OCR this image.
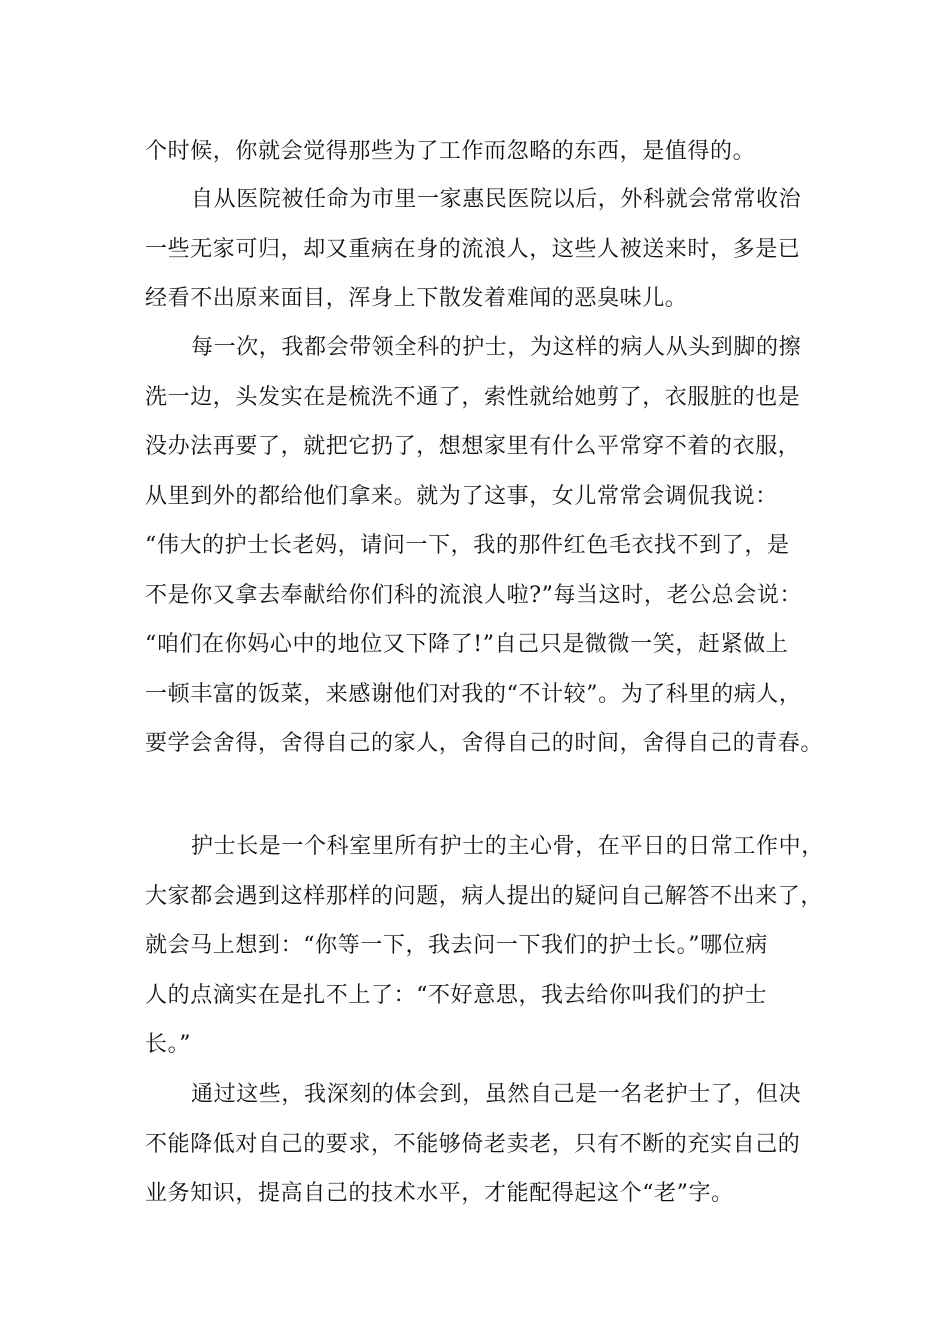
个时候，你就会觉得那些为了工作而忽略的东西，是值得的。
自从医院被任命为市里一家惠民医院以后，外科就会常常收治
一些无家可归，却又重病在身的流浪人，这些人被送来时，多是已
经看不出原来面目，浑身上下散发着难闻的恶臭味儿。
每一次，我都会带领全科的护士，为这样的病人从头到脚的擦
洗一边，头发实在是梳洗不通了，索性就给她剪了，衣服脏的也是
没办法再要了，就把它扔了，想想家里有什么平常穿不着的衣服，
从里到外的都给他们拿来。就为了这事，女儿常常会调侃我说：
“伟大的护士长老妈，请问一下，我的那件红色毛衣找不到了，是
不是你又拿去奉献给你们科的流浪人啦?”每当这时，老公总会说：
“咱们在你妈心中的地位又下降了!”自己只是微微一笑，赶紧做上
一顿丰富的饭菜，来感谢他们对我的“不计较”。为了科里的病人，
要学会舍得，舍得自己的家人，舍得自己的时间，舍得自己的青春。
护士长是一个科室里所有护士的主心骨，在平日的日常工作中，
大家都会遇到这样那样的问题，病人提出的疑问自己解答不出来了，
就会马上想到：“你等一下，我去问一下我们的护士长。”哪位病
人的点滴实在是扎不上了：“不好意思，我去给你叫我们的护士
长。”
通过这些，我深刻的体会到，虽然自己是一名老护士了，但决
不能降低对自己的要求，不能够倚老卖老，只有不断的充实自己的
业务知识，提高自己的技术水平，才能配得起这个“老”字。
